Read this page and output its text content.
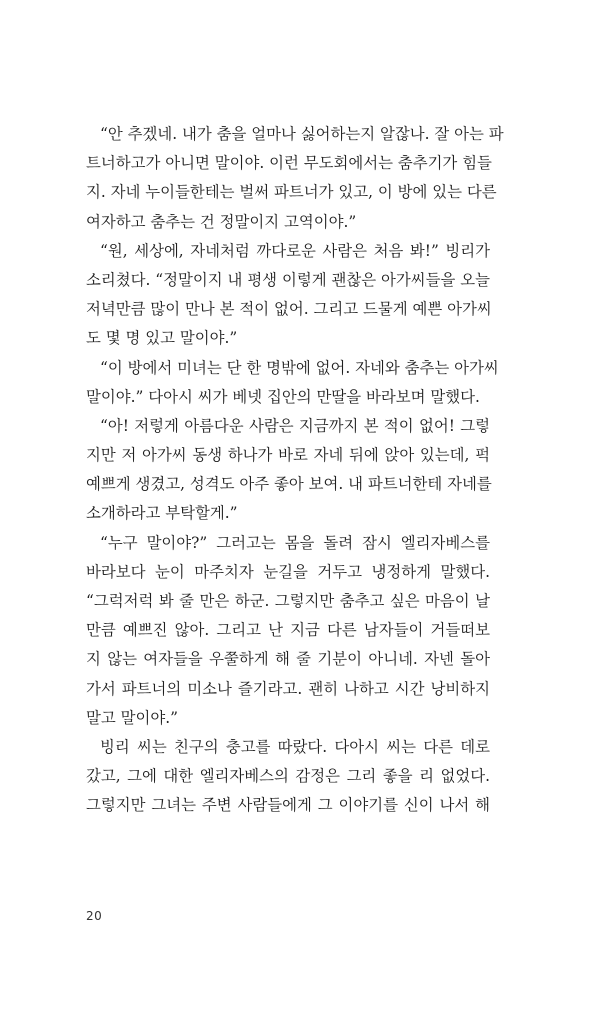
“안 추겠네. 내가 춤을 얼마나 싫어하는지 알잖나. 잘 아는 파
트너하고가 아니면 말이야. 이런 무도회에서는 춤추기가 힘들
지. 자네 누이들한테는 벌써 파트너가 있고, 이 방에 있는 다른
여자하고 춤추는 건 정말이지 고역이야.”

“원, 세상에, 자네처럼 까다로운 사람은 처음 봐!” 빙리가
소리쳤다. “정말이지 내 평생 이렇게 괜찮은 아가씨들을 오늘
저녁만큼 많이 만나 본 적이 없어. 그리고 드물게 예쁜 아가씨
도 몇 명 있고 말이야.”

“이 방에서 미녀는 단 한 명밖에 없어. 자네와 춤추는 아가씨
말이야.” 다아시 씨가 베넷 집안의 만딸을 바라보며 말했다.

“아! 저렇게 아름다운 사람은 지금까지 본 적이 없어! 그렇
지만 저 아가씨 동생 하나가 바로 자네 뒤에 앉아 있는데, 퍽
예쁘게 생겼고, 성격도 아주 좋아 보여. 내 파트너한테 자네를
소개하라고 부탁할게.”

“누구 말이야?” 그러고는 몸을 돌려 잠시 엘리자베스를
바라보다 눈이 마주치자 눈길을 거두고 냉정하게 말했다.
“그럭저럭 봐 줄 만은 하군. 그렇지만 춤추고 싶은 마음이 날
만큼 예쁘진 않아. 그리고 난 지금 다른 남자들이 거들떠보
지 않는 여자들을 우쭐하게 해 줄 기분이 아니네. 자넨 돌아
가서 파트너의 미소나 즐기라고. 괜히 나하고 시간 낭비하지
말고 말이야.”

빙리 씨는 친구의 충고를 따랐다. 다아시 씨는 다른 데로
갔고, 그에 대한 엘리자베스의 감정은 그리 좋을 리 없었다.
그렇지만 그녀는 주변 사람들에게 그 이야기를 신이 나서 해

20
